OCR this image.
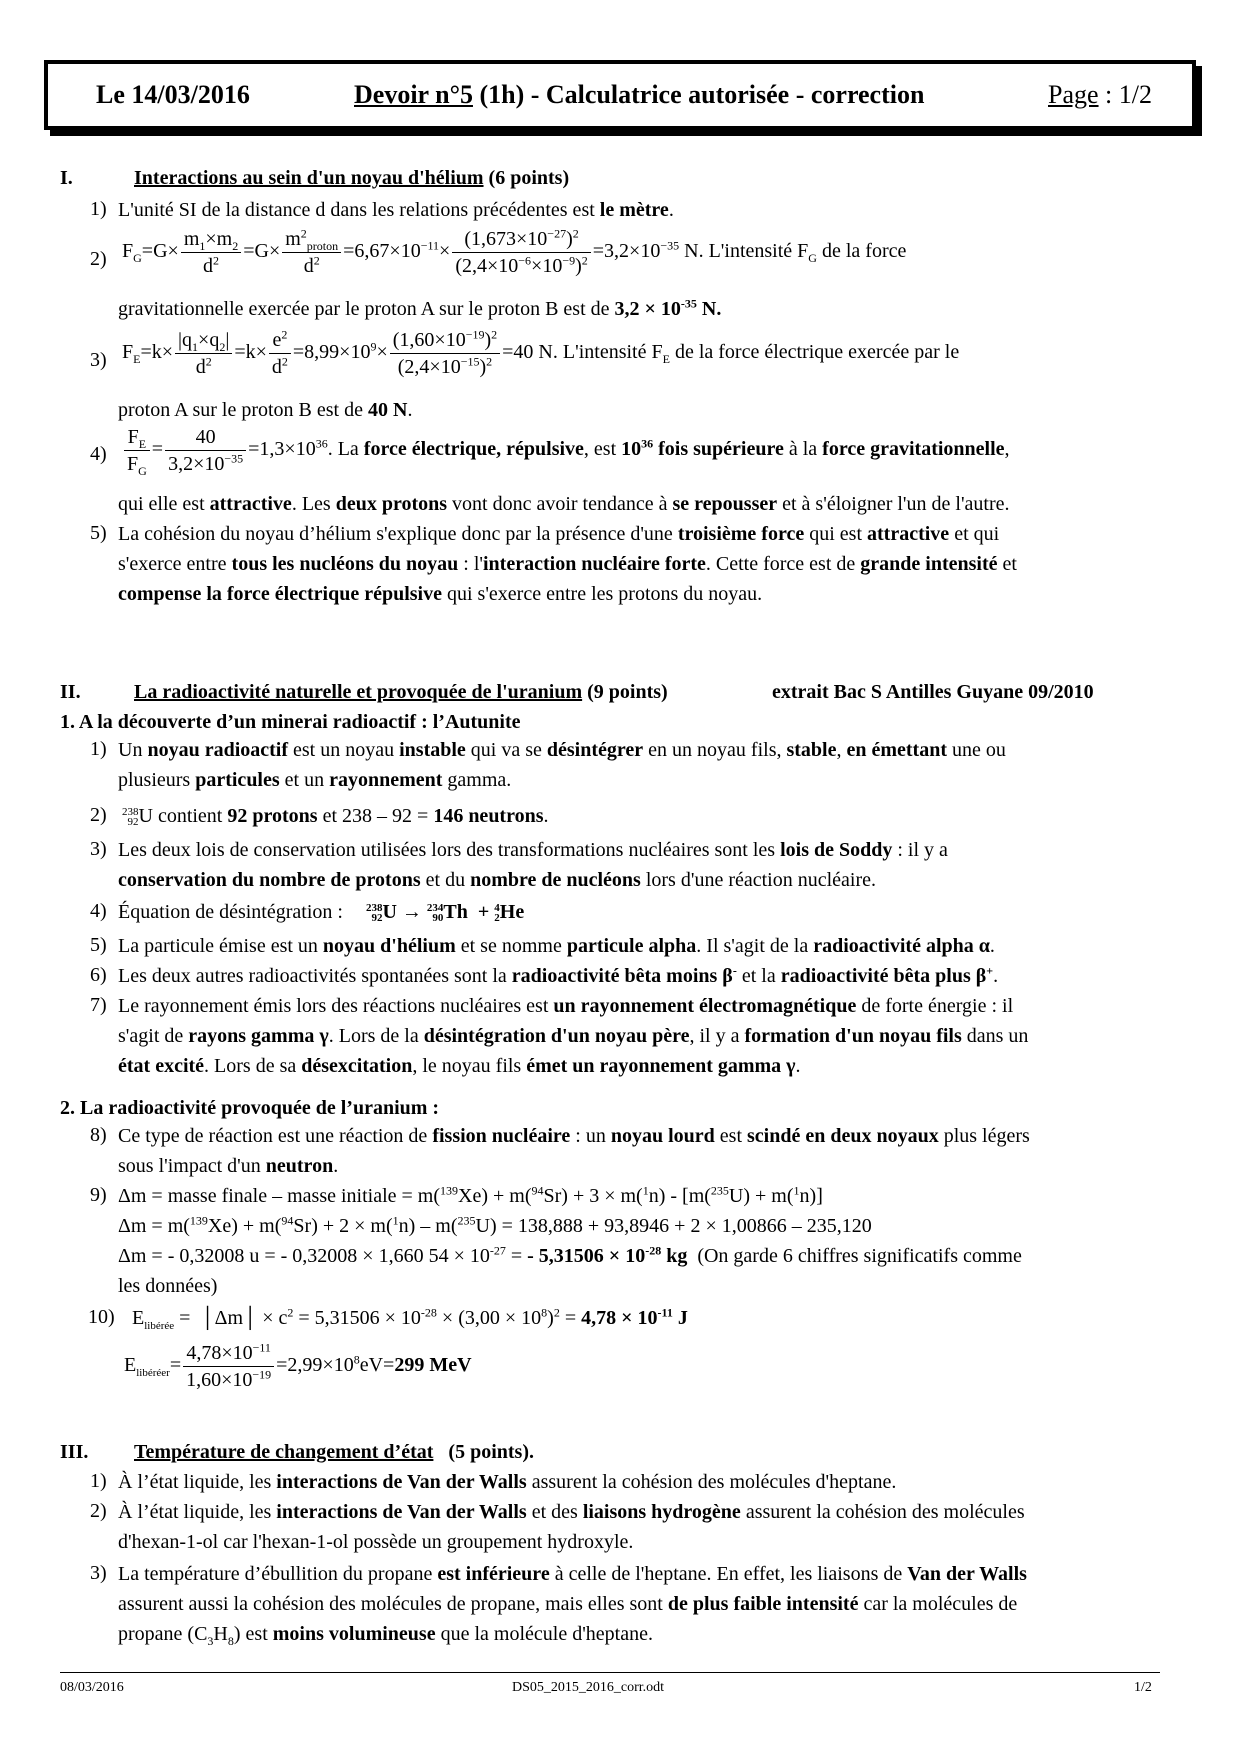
Le 14/03/2016	Devoir n°5 (1h) - Calculatrice autorisée - correction	Page : 1/2
I.	Interactions au sein d'un noyau d'hélium (6 points)
1) L'unité SI de la distance d dans les relations précédentes est le mètre.
2) $F_G=G\times \frac{m_1\times m_2}{d^2} =G\times \frac{m^2_{proton}}{d^2} =6,67\times 10^{-11}\times \frac{(1,673\times 10^{-27})^2}{(2,4\times 10^{-6}\times 10^{-9})^2} =3,2\times 10^{-35}$ N. L'intensité $F_G$ de la force
gravitationnelle exercée par le proton A sur le proton B est de $3,2 \times 10^{-35}$ N.
3) $F_E=k\times \frac{|q_1\times q_2|}{d^2} =k\times \frac{e^2}{d^2} =8,99\times 10^9\times \frac{(1,60\times 10^{-19})^2}{(2,4\times 10^{-15})^2} =40$ N. L'intensité $F_E$ de la force électrique exercée par le
proton A sur le proton B est de 40 N.
$4) \frac{F_E}{F_G} = \frac{40}{3,2\times 10^{-35}} =1,3\times 10^{36}$. La force électrique, répulsive, est $10^{36}$ fois supérieure à la force gravitationnelle,
qui elle est attractive. Les deux protons vont donc avoir tendance à se repousser et à s'éloigner l'un de l'autre.
5) La cohésion du noyau d’hélium s'explique donc par la présence d'une troisième force qui est attractive et qui
s'exerce entre tous les nucléons du noyau : l'interaction nucléaire forte. Cette force est de grande intensité et
compense la force électrique répulsive qui s'exerce entre les protons du noyau.
II.	La radioactivité naturelle et provoquée de l'uranium (9 points)	extrait Bac S Antilles Guyane 09/2010
1. A la découverte d’un minerai radioactif : l’Autunite
1) Un noyau radioactif est un noyau instable qui va se désintégrer en un noyau fils, stable, en émettant une ou
plusieurs particules et un rayonnement gamma.
2) 238
92U contient 92 protons et 238 – 92 = 146 neutrons.
3) Les deux lois de conservation utilisées lors des transformations nucléaires sont les lois de Soddy : il y a
conservation du nombre de protons et du nombre de nucléons lors d'une réaction nucléaire.
4) Équation de désintégration : 238
92U → 234
90Th  + 4
2He
5) La particule émise est un noyau d'hélium et se nomme particule alpha. Il s'agit de la radioactivité alpha α.
6) Les deux autres radioactivités spontanées sont la radioactivité bêta moins β- et la radioactivité bêta plus β+.
7) Le rayonnement émis lors des réactions nucléaires est un rayonnement électromagnétique de forte énergie : il
s'agit de rayons gamma γ. Lors de la désintégration d'un noyau père, il y a formation d'un noyau fils dans un
état excité. Lors de sa désexcitation, le noyau fils émet un rayonnement gamma γ.
2. La radioactivité provoquée de l’uranium :
8) Ce type de réaction est une réaction de fission nucléaire : un noyau lourd est scindé en deux noyaux plus légers
sous l'impact d'un neutron.
9) Δm = masse finale – masse initiale = m($^{139}$Xe) + m($^{94}$Sr) + 3 × m($^1$n) - [m($^{235}$U) + m($^1$n)]
Δm = m($^{139}$Xe) + m($^{94}$Sr) + 2 × m($^1$n) – m($^{235}$U) = 138,888 + 93,8946 + 2 × 1,00866 – 235,120
Δm = - 0,32008 u = - 0,32008 × 1,660 $54 \times 10^{-27}$ = - $5,31506 \times 10^{-28}$ kg (On garde 6 chiffres significatifs comme
les données)
10) $E_{libérée}$ =  │Δm│ × $c^2 = 5,31506 \times 10^{-28} \times (3,00 \times 10^8)^2 = 4,78 \times 10^{-11}$ J
$E_{libéréer}= \frac{4,78\times 10^{-11}}{1,60\times 10^{-19}} =2,99\times 10^8eV=299$ MeV
III. Température de changement d’état (5 points).
1) À l’état liquide, les interactions de Van der Walls assurent la cohésion des molécules d'heptane.
2) À l’état liquide, les interactions de Van der Walls et des liaisons hydrogène assurent la cohésion des molécules
d'hexan-1-ol car l'hexan-1-ol possède un groupement hydroxyle.
3) La température d’ébullition du propane est inférieure à celle de l'heptane. En effet, les liaisons de Van der Walls
assurent aussi la cohésion des molécules de propane, mais elles sont de plus faible intensité car la molécules de
propane $(C_3H_8)$ est moins volumineuse que la molécule d'heptane.
08/03/2016	DS05_2015_2016_corr.odt	1/2
